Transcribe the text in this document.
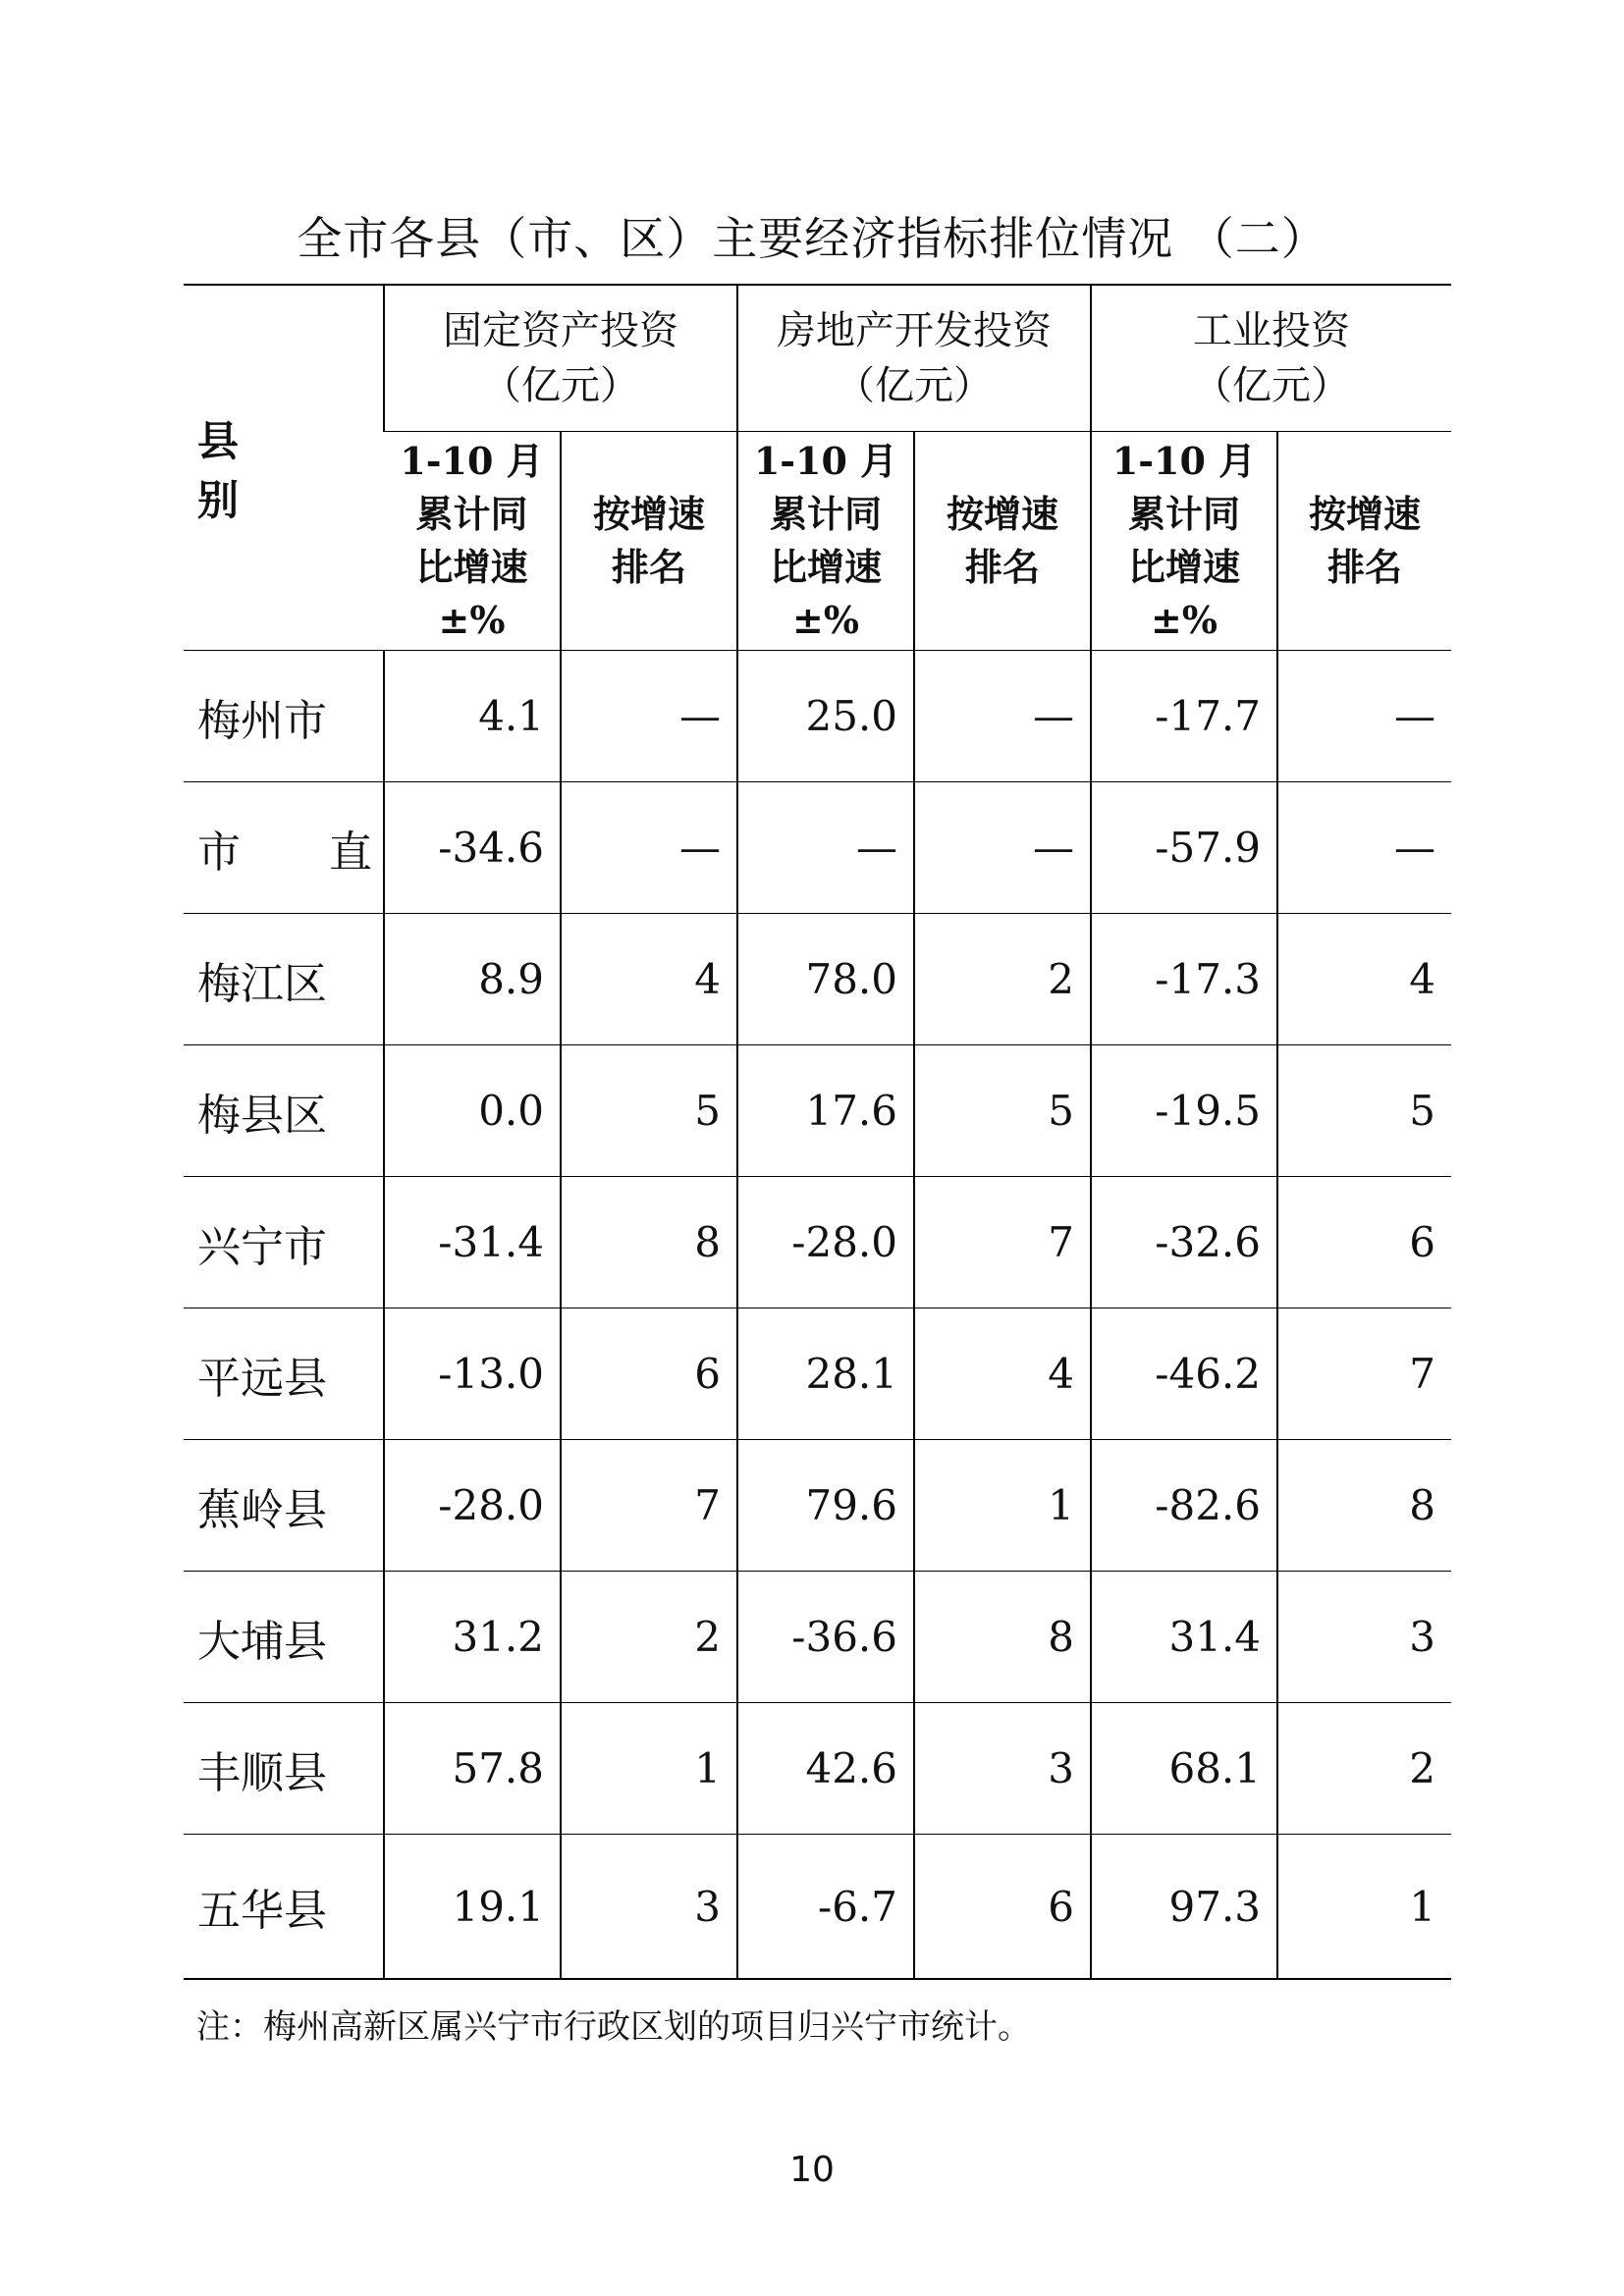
全市各县（市、区）主要经济指标排位情况 （二）
县 别	固定资产投资
（亿元）		房地产开发投资
（亿元）		工业投资
（亿元）	

	1-10 月
累计同
比增速
±%	按增速
排名	1-10 月
累计同
比增速
±%	按增速
排名	1-10 月
累计同
比增速
±%	按增速
排名

梅州市	4.1	—	25.0	—	-17.7	—
市 直	-34.6	—	—	—	-57.9	—
梅江区	8.9	4	78.0	2	-17.3	4
梅县区	0.0	5	17.6	5	-19.5	5
兴宁市	-31.4	8	-28.0	7	-32.6	6
平远县	-13.0	6	28.1	4	-46.2	7
蕉岭县	-28.0	7	79.6	1	-82.6	8
大埔县	31.2	2	-36.6	8	31.4	3
丰顺县	57.8	1	42.6	3	68.1	2
五华县	19.1	3	-6.7	6	97.3	1
注：梅州高新区属兴宁市行政区划的项目归兴宁市统计。
10
